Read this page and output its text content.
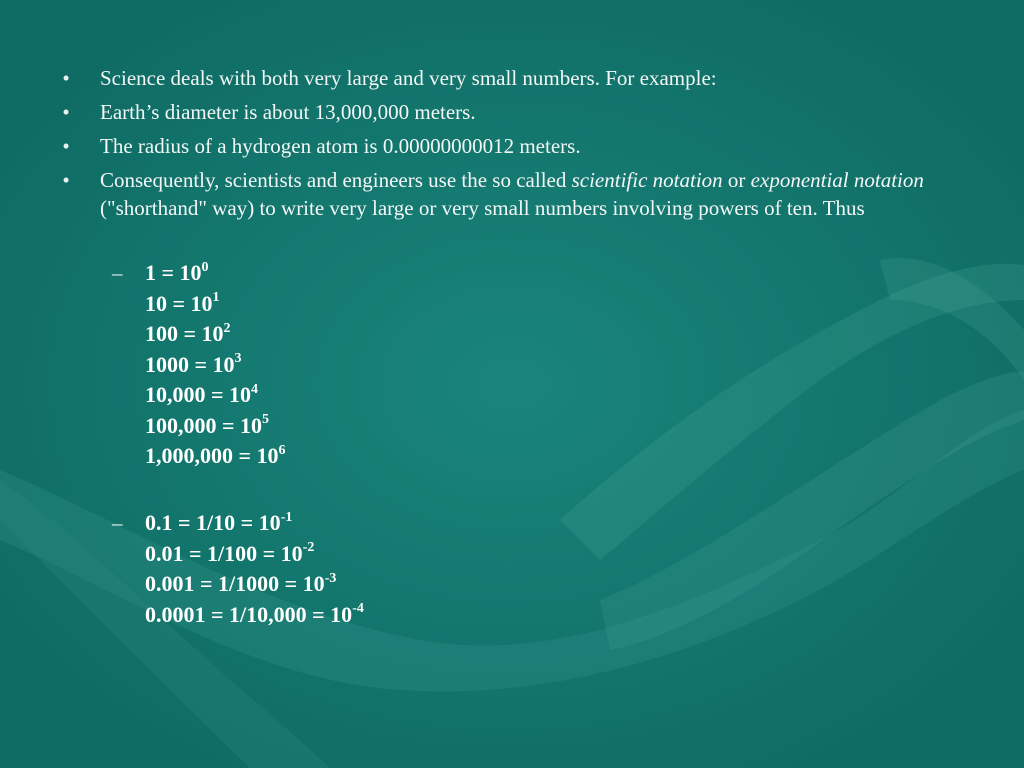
• Science deals with both very large and very small numbers. For example:
• Earth’s diameter is about 13,000,000 meters.
• The radius of a hydrogen atom is 0.00000000012 meters.
• Consequently, scientists and engineers use the so called scientific notation or exponential notation ("shorthand" way) to write very large or very small numbers involving powers of ten. Thus
– $1 = 10^0$
$10 = 10^1$
$100 = 10^2$
$1000 = 10^3$
$10,000 = 10^4$
$100,000 = 10^5$
$1,000,000 = 10^6$
– $0.1 = 1/10 = 10^{-1}$
$0.01 = 1/100 = 10^{-2}$
$0.001 = 1/1000 = 10^{-3}$
$0.0001 = 1/10,000 = 10^{-4}$
